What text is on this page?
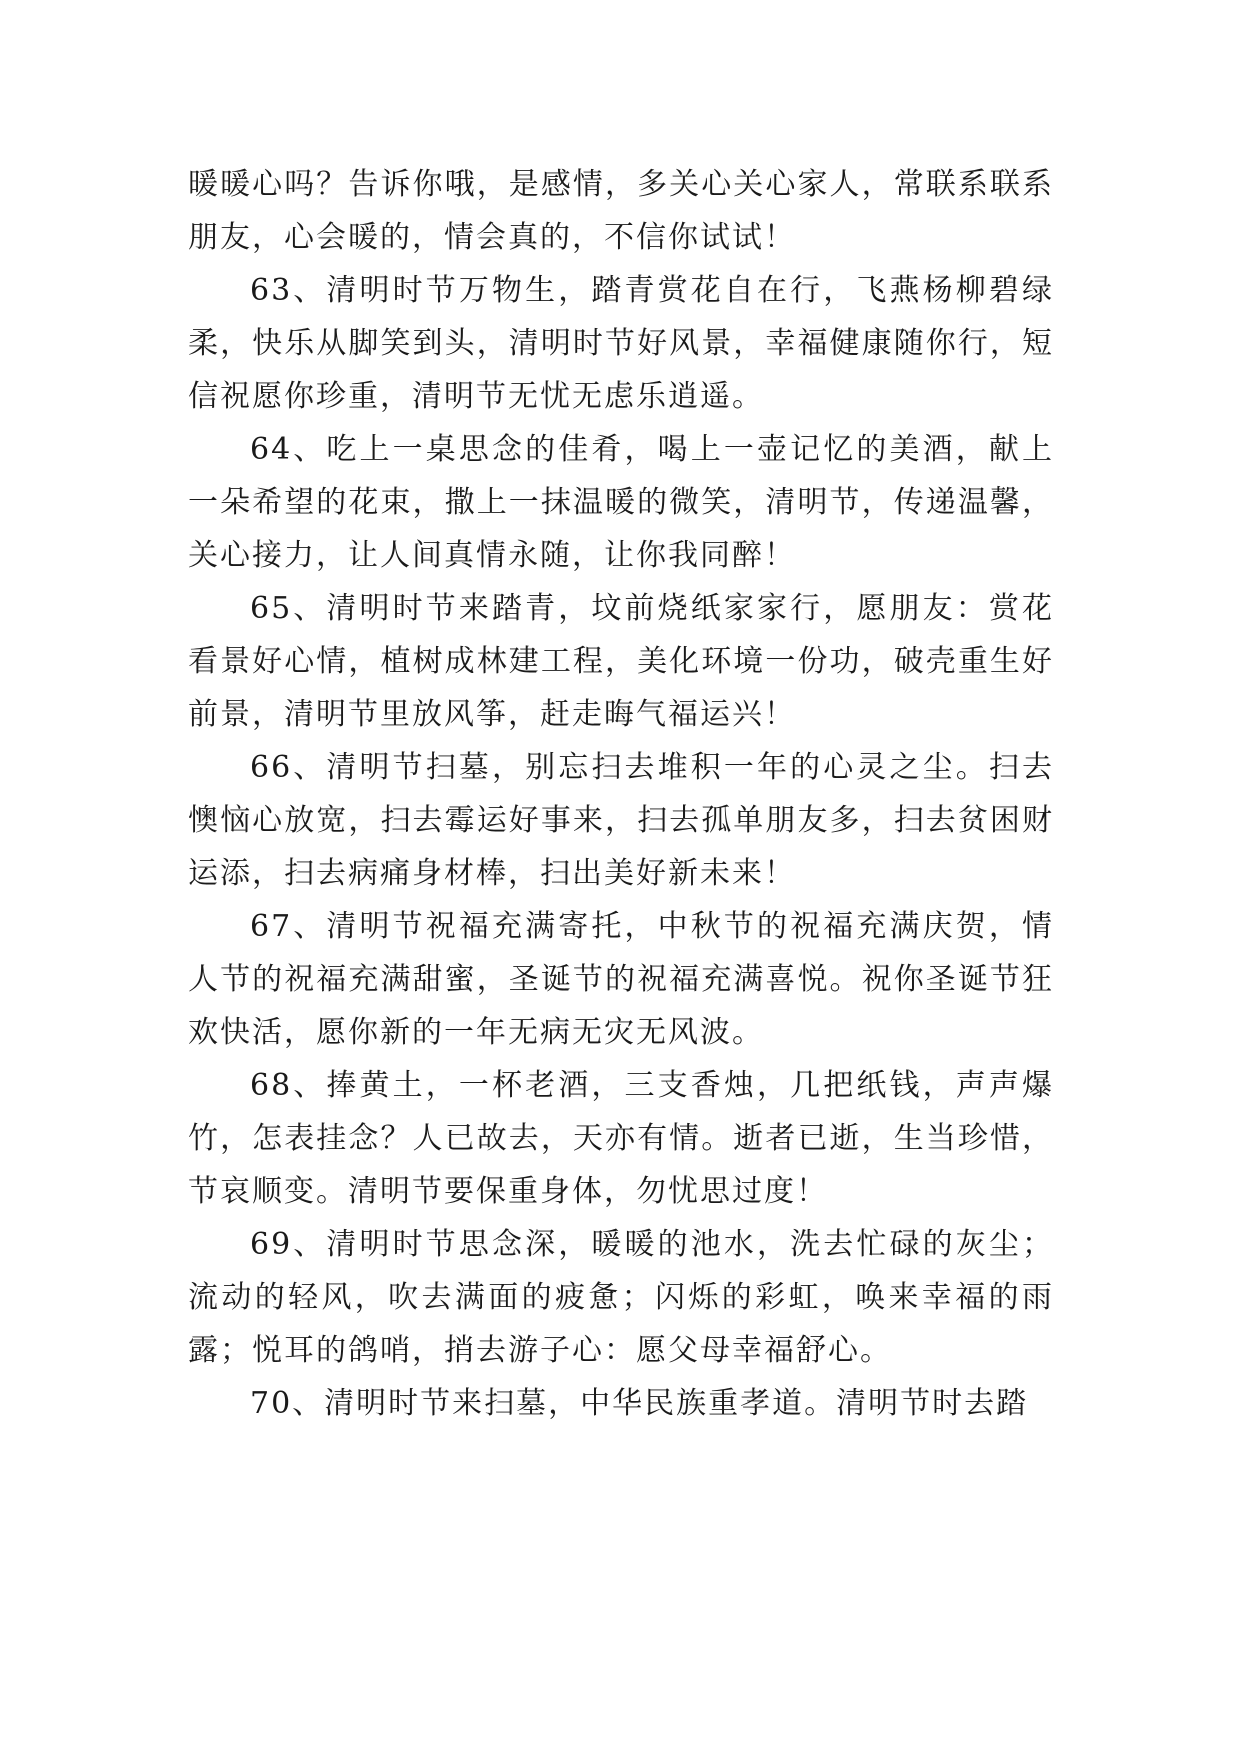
暖暖心吗？告诉你哦，是感情，多关心关心家人，常联系联系朋友，心会暖的，情会真的，不信你试试！

63、清明时节万物生，踏青赏花自在行，飞燕杨柳碧绿柔，快乐从脚笑到头，清明时节好风景，幸福健康随你行，短信祝愿你珍重，清明节无忧无虑乐逍遥。

64、吃上一桌思念的佳肴，喝上一壶记忆的美酒，献上一朵希望的花束，撒上一抹温暖的微笑，清明节，传递温馨，关心接力，让人间真情永随，让你我同醉！

65、清明时节来踏青，坟前烧纸家家行，愿朋友：赏花看景好心情，植树成林建工程，美化环境一份功，破壳重生好前景，清明节里放风筝，赶走晦气福运兴！

66、清明节扫墓，别忘扫去堆积一年的心灵之尘。扫去懊恼心放宽，扫去霉运好事来，扫去孤单朋友多，扫去贫困财运添，扫去病痛身材棒，扫出美好新未来！

67、清明节祝福充满寄托，中秋节的祝福充满庆贺，情人节的祝福充满甜蜜，圣诞节的祝福充满喜悦。祝你圣诞节狂欢快活，愿你新的一年无病无灾无风波。

68、捧黄土，一杯老酒，三支香烛，几把纸钱，声声爆竹，怎表挂念？人已故去，天亦有情。逝者已逝，生当珍惜，节哀顺变。清明节要保重身体，勿忧思过度！

69、清明时节思念深，暖暖的池水，洗去忙碌的灰尘；流动的轻风，吹去满面的疲惫；闪烁的彩虹，唤来幸福的雨露；悦耳的鸽哨，捎去游子心：愿父母幸福舒心。

70、清明时节来扫墓，中华民族重孝道。清明节时去踏
